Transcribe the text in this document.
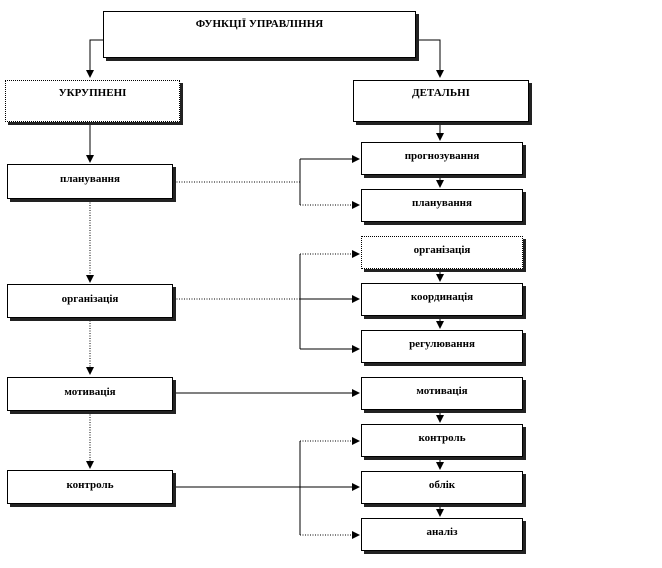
ФУНКЦІЇ УПРАВЛІННЯ
УКРУПНЕНІ	ДЕТАЛЬНІ
планування
організація
мотивація
контроль
прогнозування
планування
організація
координація
регулювання
мотивація
контроль
облік
аналіз
